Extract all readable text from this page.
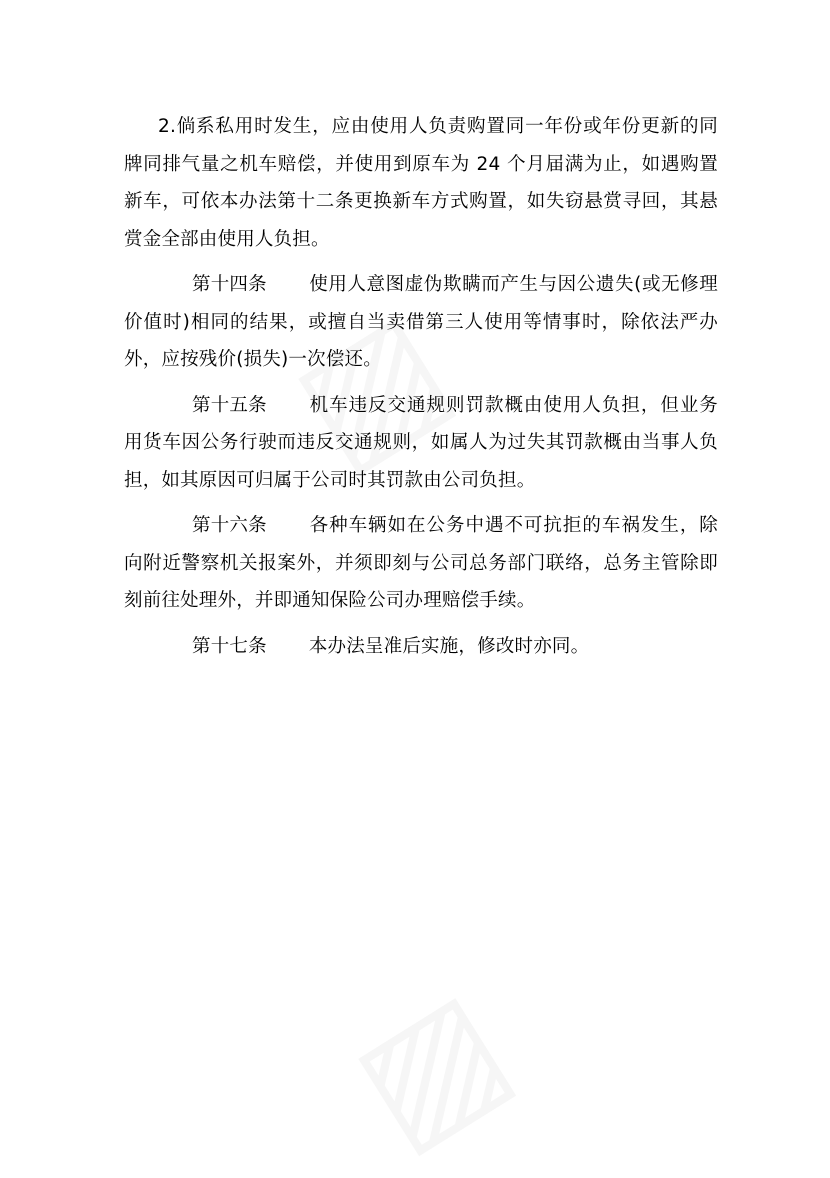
2.倘系私用时发生，应由使用人负责购置同一年份或年份更新的同牌同排气量之机车赔偿，并使用到原车为 24 个月届满为止，如遇购置新车，可依本办法第十二条更换新车方式购置，如失窃悬赏寻回，其悬赏金全部由使用人负担。

第十四条 使用人意图虚伪欺瞒而产生与因公遗失(或无修理价值时)相同的结果，或擅自当卖借第三人使用等情事时，除依法严办外，应按残价(损失)一次偿还。

第十五条 机车违反交通规则罚款概由使用人负担，但业务用货车因公务行驶而违反交通规则，如属人为过失其罚款概由当事人负担，如其原因可归属于公司时其罚款由公司负担。

第十六条 各种车辆如在公务中遇不可抗拒的车祸发生，除向附近警察机关报案外，并须即刻与公司总务部门联络，总务主管除即刻前往处理外，并即通知保险公司办理赔偿手续。

第十七条 本办法呈准后实施，修改时亦同。
